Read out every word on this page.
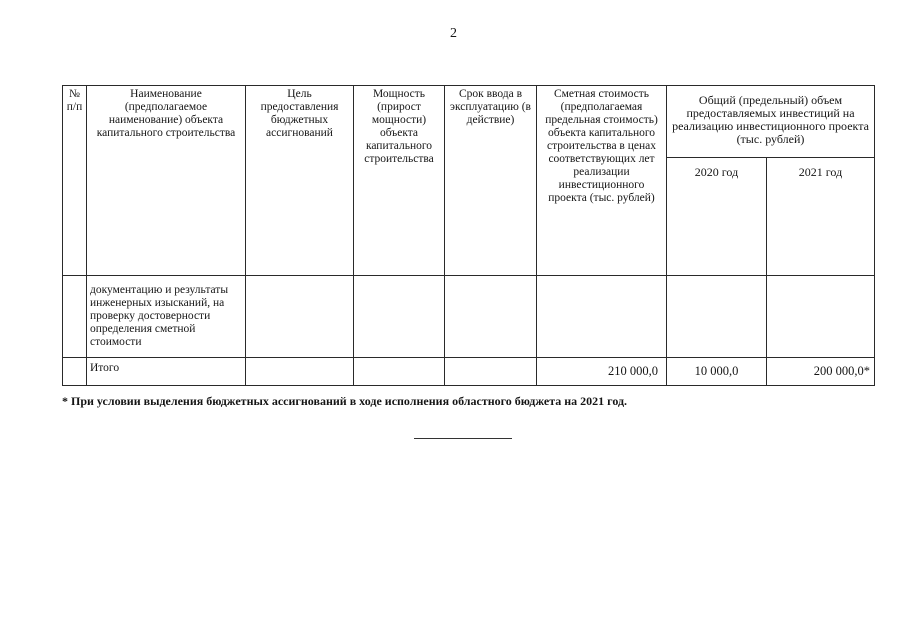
2
№ п/п	Наименование (предполагаемое наименование) объекта капитального строительства	Цель предоставления бюджетных ассигнований	Мощность (прирост мощности) объекта капитального строительства	Срок ввода в эксплуатацию (в действие)	Сметная стоимость (предполагаемая предельная стоимость) объекта капитального строительства в ценах соответствующих лет реализации инвестиционного проекта (тыс. рублей)	Общий (предельный) объем предоставляемых инвестиций на реализацию инвестиционного проекта (тыс. рублей)	
						2020 год	2021 год
	документацию и результаты инженерных изысканий, на проверку достоверности определения сметной стоимости						
	Итого				210 000,0	10 000,0	200 000,0*
* При условии выделения бюджетных ассигнований в ходе исполнения областного бюджета на 2021 год.
